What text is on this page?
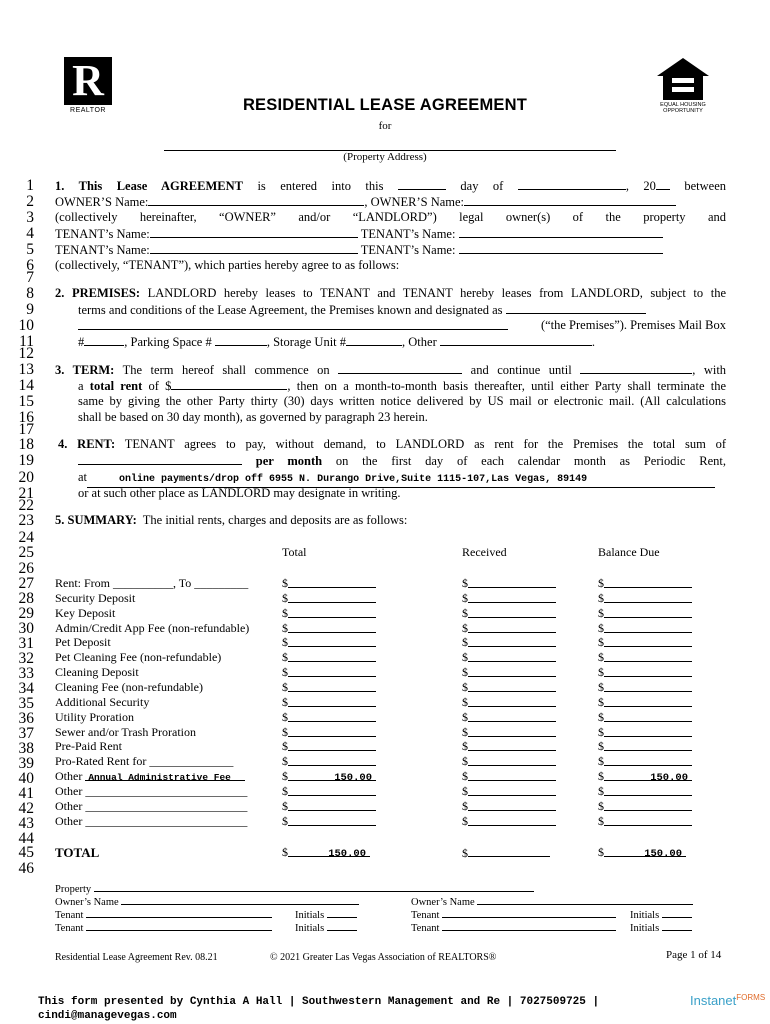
R
REALTOR
EQUAL HOUSING OPPORTUNITY
RESIDENTIAL LEASE AGREEMENT
for
(Property Address)
1
2
3
4
5
6
7
8
9
10
11
12
13
14
15
16
17
18
19
20
21
22
23
24
25
26
27
28
29
30
31
32
33
34
35
36
37
38
39
40
41
42
43
44
45
46
1. This Lease AGREEMENT is entered into this	day of	, 20 between
OWNER’S Name:	, OWNER’S Name:
(collectively hereinafter, “OWNER” and/or “LANDLORD”) legal owner(s) of the property and
TENANT’s Name:	TENANT’s Name:
TENANT’s Name:	TENANT’s Name:
(collectively, “TENANT”), which parties hereby agree to as follows:
2. PREMISES: LANDLORD hereby leases to TENANT and TENANT hereby leases from LANDLORD, subject to the
terms and conditions of the Lease Agreement, the Premises known and designated as
(“the Premises”). Premises Mail Box
#	, Parking Space #	, Storage Unit #	, Other	.
3. TERM: The term hereof shall commence on	and continue until	, with
a total rent of $	, then on a month-to-month basis thereafter, until either Party shall terminate the
same by giving the other Party thirty (30) days written notice delivered by US mail or electronic mail. (All calculations
shall be based on 30 day month), as governed by paragraph 23 herein.
4. RENT: TENANT agrees to pay, without demand, to LANDLORD as rent for the Premises the total sum of
per month on the first day of each calendar month as Periodic Rent,
at	online payments/drop off 6955 N. Durango Drive,Suite 1115-107,Las Vegas, 89149
or at such other place as LANDLORD may designate in writing.
5. SUMMARY: The initial rents, charges and deposits are as follows:
Total	Received	Balance Due
Rent: From __________, To _________	$	$	$
Security Deposit	$	$	$
Key Deposit	$	$	$
Admin/Credit App Fee (non-refundable)	$	$	$
Pet Deposit	$	$	$
Pet Cleaning Fee (non-refundable)	$	$	$
Cleaning Deposit	$	$	$
Cleaning Fee (non-refundable)	$	$	$
Additional Security	$	$	$
Utility Proration	$	$	$
Sewer and/or Trash Proration	$	$	$
Pre-Paid Rent	$	$	$
Pro-Rated Rent for ______________	$	$	$
Other Annual Administrative Fee	$	150.00	$	$	150.00
Other ___________________________	$	$	$
Other ___________________________	$	$	$
Other ___________________________	$	$	$
TOTAL	$	150.00	$	$	150.00
Property
Owner’s Name	Owner’s Name
Tenant	Initials	Tenant	Initials
Tenant	Initials	Tenant	Initials
Residential Lease Agreement Rev. 08.21	© 2021 Greater Las Vegas Association of REALTORS®	Page 1 of 14
This form presented by Cynthia A Hall | Southwestern Management and Re | 7027509725 |
cindi@managevegas.com
Instanet$^{FORMS}$
